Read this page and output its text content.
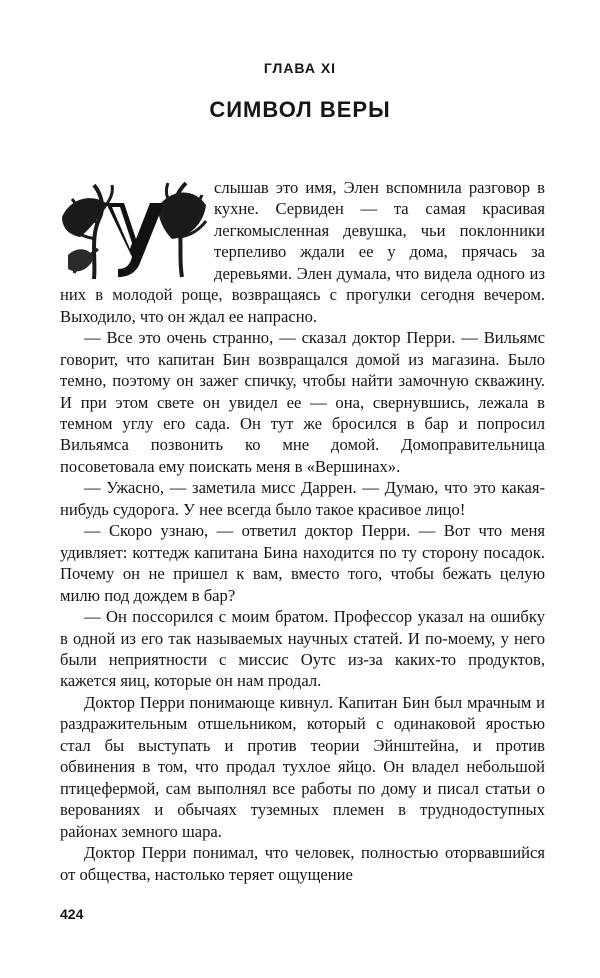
ГЛАВА XI
СИМВОЛ ВЕРЫ

слышав это имя, Элен вспомнила разговор в кухне. Сервиден — та самая красивая легкомысленная девушка, чьи поклонники терпеливо ждали ее у дома, прячась за деревьями. Элен думала, что видела одного из них в молодой роще, возвращаясь с прогулки сегодня вечером. Выходило, что он ждал ее напрасно.

— Все это очень странно, — сказал доктор Перри. — Вильямс говорит, что капитан Бин возвращался домой из магазина. Было темно, поэтому он зажег спичку, чтобы найти замочную скважину. И при этом свете он увидел ее — она, свернувшись, лежала в темном углу его сада. Он тут же бросился в бар и попросил Вильямса позвонить ко мне домой. Домоправительница посоветовала ему поискать меня в «Вершинах».

— Ужасно, — заметила мисс Даррен. — Думаю, что это какая-нибудь судорога. У нее всегда было такое красивое лицо!

— Скоро узнаю, — ответил доктор Перри. — Вот что меня удивляет: коттедж капитана Бина находится по ту сторону посадок. Почему он не пришел к вам, вместо того, чтобы бежать целую милю под дождем в бар?

— Он поссорился с моим братом. Профессор указал на ошибку в одной из его так называемых научных статей. И по-моему, у него были неприятности с миссис Оутс из-за каких-то продуктов, кажется яиц, которые он нам продал.

Доктор Перри понимающе кивнул. Капитан Бин был мрачным и раздражительным отшельником, который с одинаковой яростью стал бы выступать и против теории Эйнштейна, и против обвинения в том, что продал тухлое яйцо. Он владел небольшой птицефермой, сам выполнял все работы по дому и писал статьи о верованиях и обычаях туземных племен в труднодоступных районах земного шара.

Доктор Перри понимал, что человек, полностью оторвавшийся от общества, настолько теряет ощущение

424
